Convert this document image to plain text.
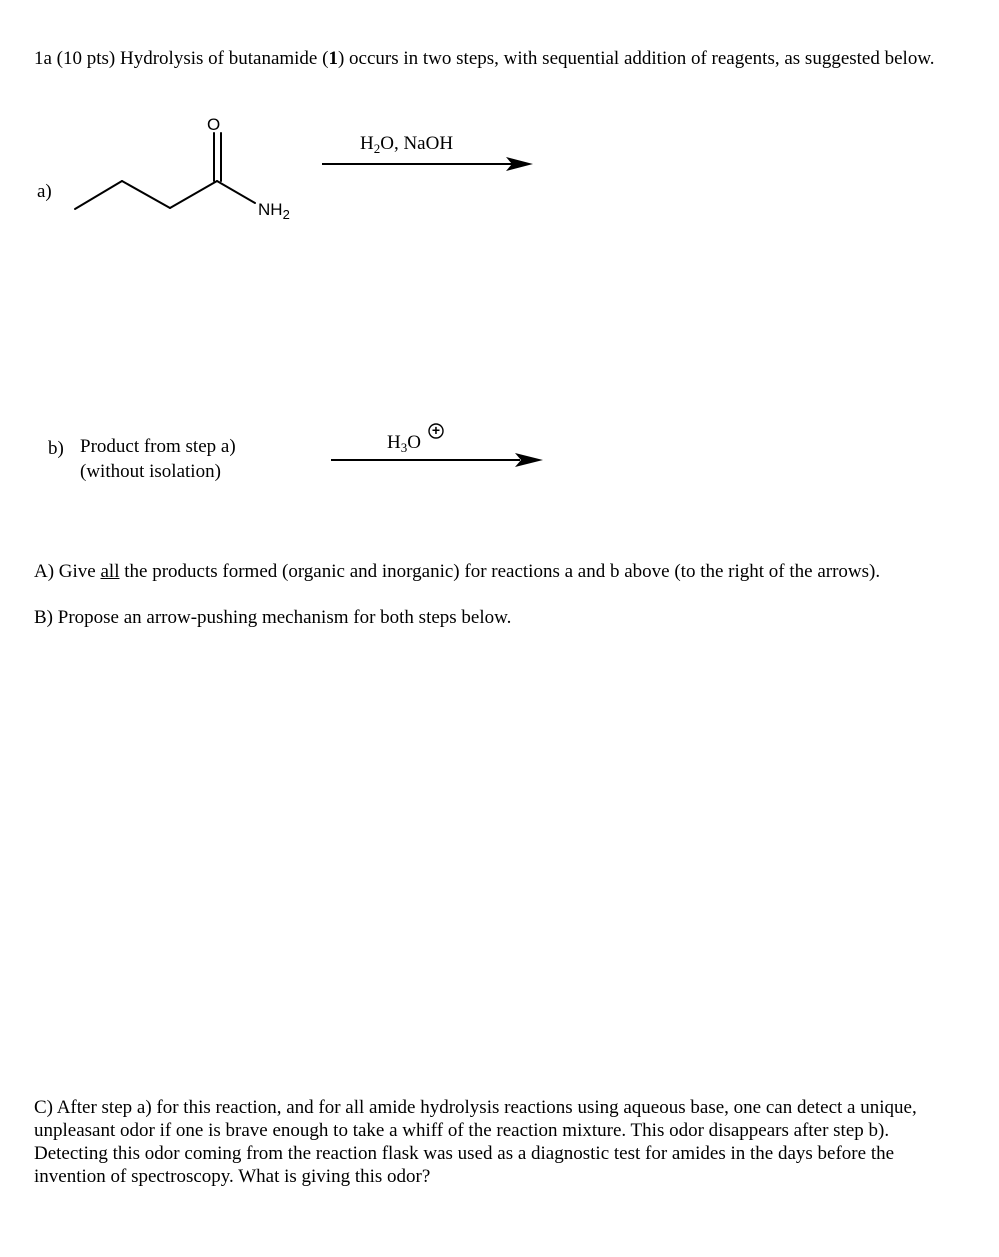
1a (10 pts) Hydrolysis of butanamide (1) occurs in two steps, with sequential addition of reagents, as suggested below.
a)
O
$NH_2$
$H_2O$, NaOH
b) Product from step a)
(without isolation)
$H_3O$
+
A) Give all the products formed (organic and inorganic) for reactions a and b above (to the right of the arrows).
B) Propose an arrow-pushing mechanism for both steps below.
C) After step a) for this reaction, and for all amide hydrolysis reactions using aqueous base, one can detect a unique, unpleasant odor if one is brave enough to take a whiff of the reaction mixture. This odor disappears after step b). Detecting this odor coming from the reaction flask was used as a diagnostic test for amides in the days before the invention of spectroscopy. What is giving this odor?
